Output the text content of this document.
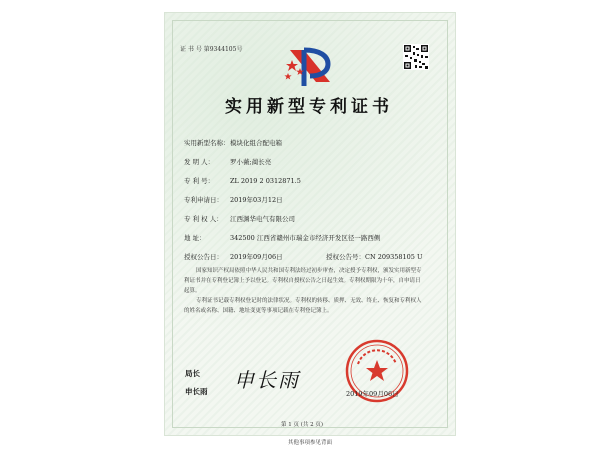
证 书 号 第9344105号
实用新型专利证书
实用新型名称：模块化组合配电箱
发 明 人： 罗小薇;蔺长亮
专 利 号： ZL 2019 2 0312871.5
专利申请日： 2019年03月12日
专 利 权 人： 江西渊华电气有限公司
地 址：	342500 江西省赣州市瑞金市经济开发区径一路西侧
授权公告日： 2019年09月06日	授权公告号：CN 209358105 U
国家知识产权局依照中华人民共和国专利法经过初步审查，决定授予专利权，颁发实用新型专利证书并在专利登记簿上予以登记。专利权自授权公告之日起生效。专利权期限为十年，自申请日起算。
专利证书记载专利权登记时的法律状况。专利权的转移、质押、无效、终止、恢复和专利权人的姓名或名称、国籍、地址变更等事项记载在专利登记簿上。
局长
申长雨 申长雨
2019年09月06日
第 1 页 (共 2 页)
其他事项参见背面
